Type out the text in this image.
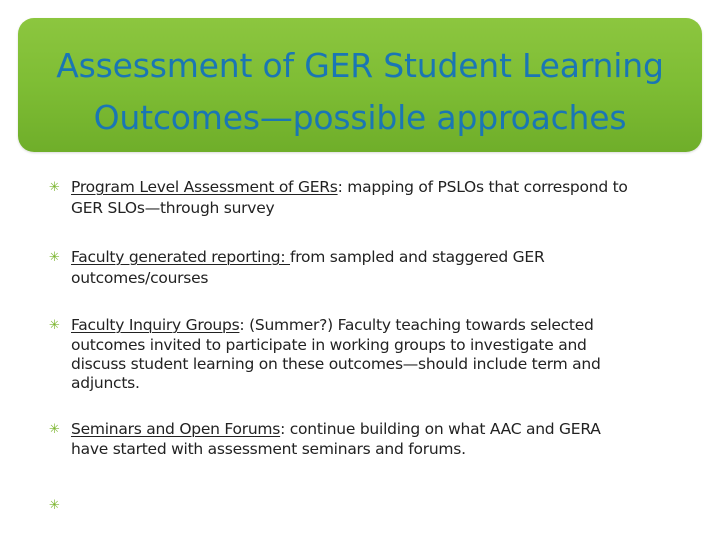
Assessment of GER Student Learning
Outcomes—possible approaches
✳ Program Level Assessment of GERs: mapping of PSLOs that correspond to
GER SLOs—through survey
✳ Faculty generated reporting: from sampled and staggered GER
outcomes/courses
✳ Faculty Inquiry Groups: (Summer?) Faculty teaching towards selected
outcomes invited to participate in working groups to investigate and
discuss student learning on these outcomes—should include term and
adjuncts.
✳ Seminars and Open Forums: continue building on what AAC and GERA
have started with assessment seminars and forums.
✳
